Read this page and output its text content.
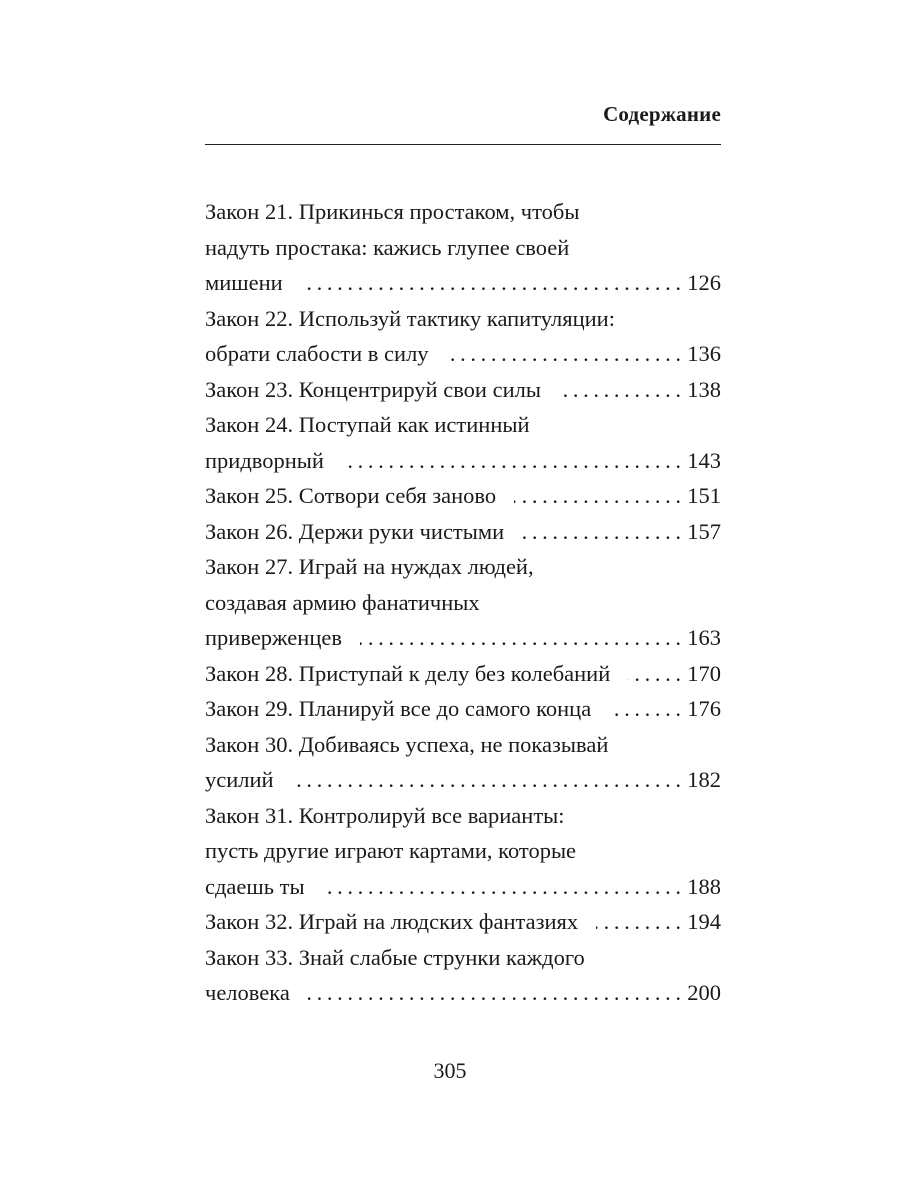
Содержание
Закон 21. Прикинься простаком, чтобы
надуть простака: кажись глупее своей
мишени . . .	126
Закон 22. Используй тактику капитуляции:
обрати слабости в силу . . .	136
Закон 23. Концентрируй свои силы . . .	138
Закон 24. Поступай как истинный
придворный . . .	143
Закон 25. Сотвори себя заново . . .	151
Закон 26. Держи руки чистыми . . .	157
Закон 27. Играй на нуждах людей,
создавая армию фанатичных
приверженцев . . .	163
Закон 28. Приступай к делу без колебаний . . .	170
Закон 29. Планируй все до самого конца . . .	176
Закон 30. Добиваясь успеха, не показывай
усилий . . .	182
Закон 31. Контролируй все варианты:
пусть другие играют картами, которые
сдаешь ты . . .	188
Закон 32. Играй на людских фантазиях . . .	194
Закон 33. Знай слабые струнки каждого
человека . . .	200
305
